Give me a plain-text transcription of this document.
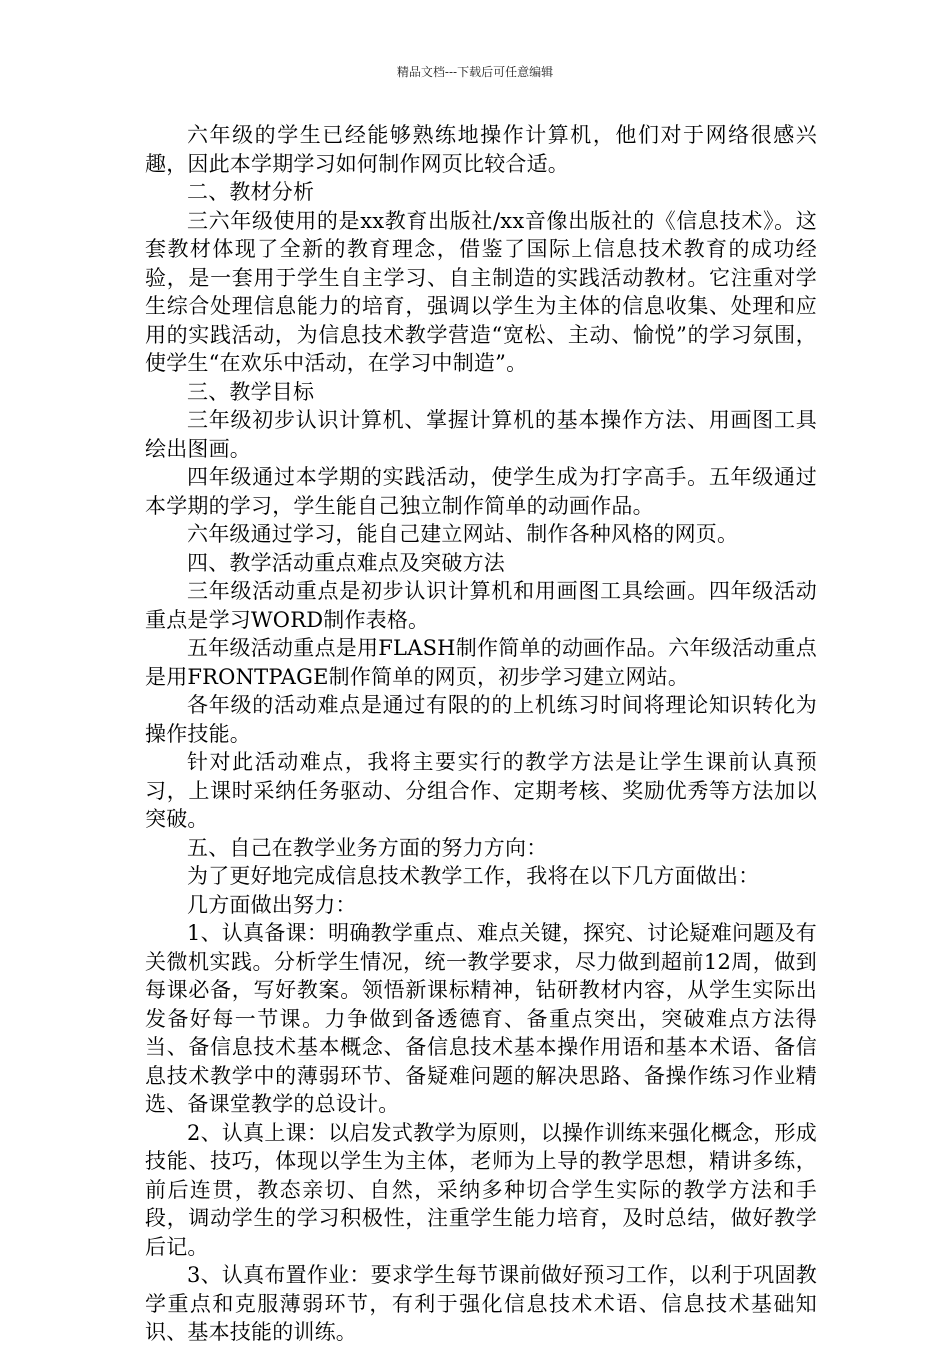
精品文档---下载后可任意编辑

六年级的学生已经能够熟练地操作计算机，他们对于网络很感兴趣，因此本学期学习如何制作网页比较合适。

二、教材分析

三六年级使用的是xx教育出版社/xx音像出版社的《信息技术》。这套教材体现了全新的教育理念，借鉴了国际上信息技术教育的成功经验，是一套用于学生自主学习、自主制造的实践活动教材。它注重对学生综合处理信息能力的培育，强调以学生为主体的信息收集、处理和应用的实践活动，为信息技术教学营造“宽松、主动、愉悦”的学习氛围，使学生“在欢乐中活动，在学习中制造”。

三、教学目标

三年级初步认识计算机、掌握计算机的基本操作方法、用画图工具绘出图画。

四年级通过本学期的实践活动，使学生成为打字高手。五年级通过本学期的学习，学生能自己独立制作简单的动画作品。

六年级通过学习，能自己建立网站、制作各种风格的网页。

四、教学活动重点难点及突破方法

三年级活动重点是初步认识计算机和用画图工具绘画。四年级活动重点是学习WORD制作表格。

五年级活动重点是用FLASH制作简单的动画作品。六年级活动重点是用FRONTPAGE制作简单的网页，初步学习建立网站。

各年级的活动难点是通过有限的的上机练习时间将理论知识转化为操作技能。

针对此活动难点，我将主要实行的教学方法是让学生课前认真预习，上课时采纳任务驱动、分组合作、定期考核、奖励优秀等方法加以突破。

五、自己在教学业务方面的努力方向：

为了更好地完成信息技术教学工作，我将在以下几方面做出：

几方面做出努力：

1、认真备课：明确教学重点、难点关键，探究、讨论疑难问题及有关微机实践。分析学生情况，统一教学要求，尽力做到超前12周，做到每课必备，写好教案。领悟新课标精神，钻研教材内容，从学生实际出发备好每一节课。力争做到备透德育、备重点突出，突破难点方法得当、备信息技术基本概念、备信息技术基本操作用语和基本术语、备信息技术教学中的薄弱环节、备疑难问题的解决思路、备操作练习作业精选、备课堂教学的总设计。

2、认真上课：以启发式教学为原则，以操作训练来强化概念，形成技能、技巧，体现以学生为主体，老师为上导的教学思想，精讲多练，前后连贯，教态亲切、自然，采纳多种切合学生实际的教学方法和手段，调动学生的学习积极性，注重学生能力培育，及时总结，做好教学后记。

3、认真布置作业：要求学生每节课前做好预习工作，以利于巩固教学重点和克服薄弱环节，有利于强化信息技术术语、信息技术基础知识、基本技能的训练。
